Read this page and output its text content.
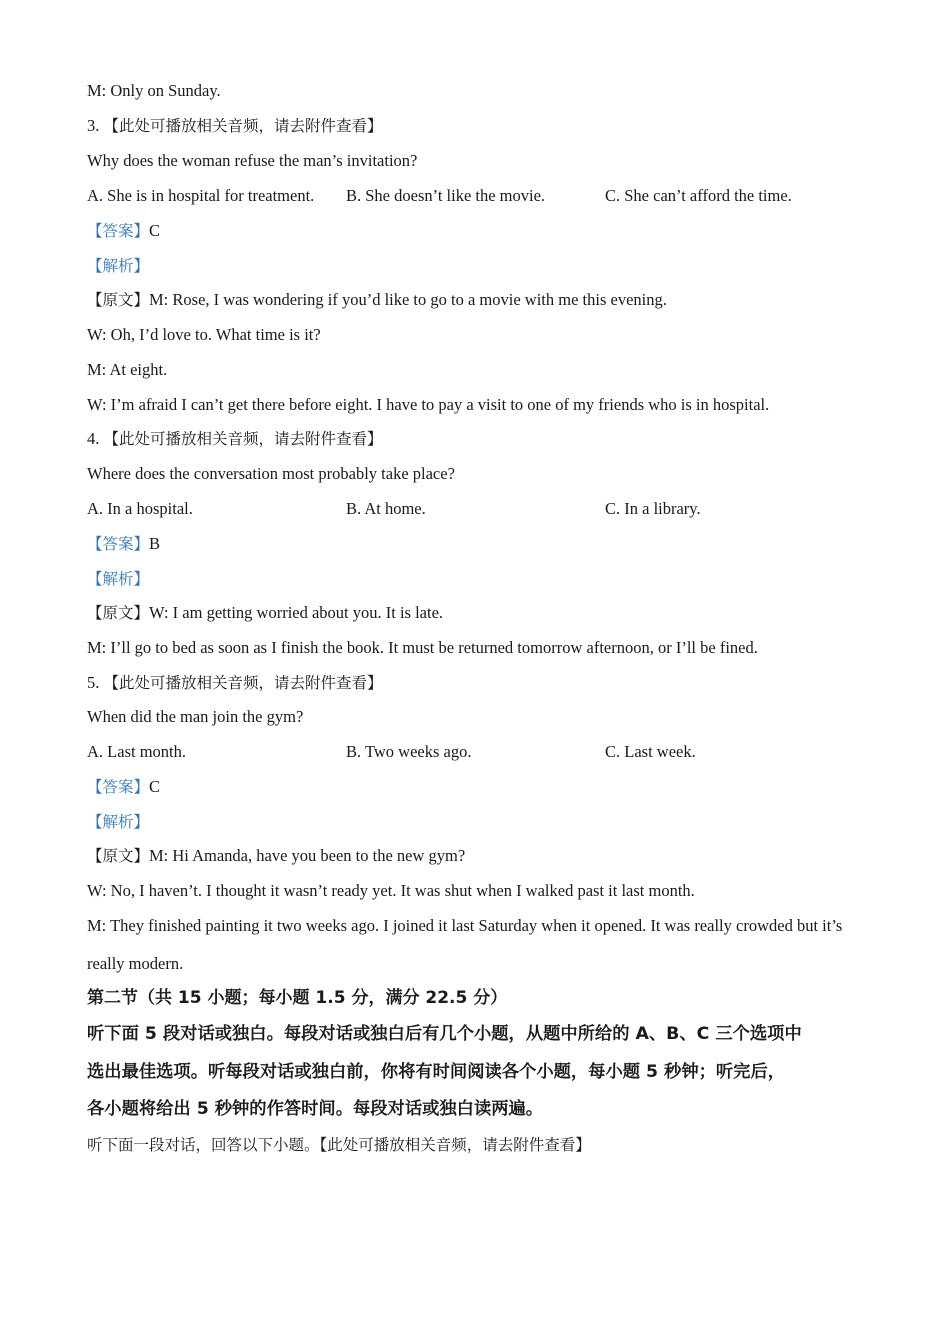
M: Only on Sunday.
3. 【此处可播放相关音频，请去附件查看】
Why does the woman refuse the man’s invitation?
A. She is in hospital for treatment. B. She doesn’t like the movie.	C. She can’t afford the time.
【答案】C
【解析】
【原文】M: Rose, I was wondering if you’d like to go to a movie with me this evening.
W: Oh, I’d love to. What time is it?
M: At eight.
W: I’m afraid I can’t get there before eight. I have to pay a visit to one of my friends who is in hospital.
4. 【此处可播放相关音频，请去附件查看】
Where does the conversation most probably take place?
A. In a hospital.	B. At home.	C. In a library.
【答案】B
【解析】
【原文】W: I am getting worried about you. It is late.
M: I’ll go to bed as soon as I finish the book. It must be returned tomorrow afternoon, or I’ll be fined.
5. 【此处可播放相关音频，请去附件查看】
When did the man join the gym?
A. Last month.	B. Two weeks ago.	C. Last week.
【答案】C
【解析】
【原文】M: Hi Amanda, have you been to the new gym?
W: No, I haven’t. I thought it wasn’t ready yet. It was shut when I walked past it last month.
M: They finished painting it two weeks ago. I joined it last Saturday when it opened. It was really crowded but it’s
really modern.
第二节（共 15 小题；每小题 1.5 分，满分 22.5 分）
听下面 5 段对话或独白。每段对话或独白后有几个小题，从题中所给的 A、B、C 三个选项中
选出最佳选项。听每段对话或独白前，你将有时间阅读各个小题，每小题 5 秒钟；听完后，
各小题将给出 5 秒钟的作答时间。每段对话或独白读两遍。
听下面一段对话，回答以下小题。【此处可播放相关音频，请去附件查看】
